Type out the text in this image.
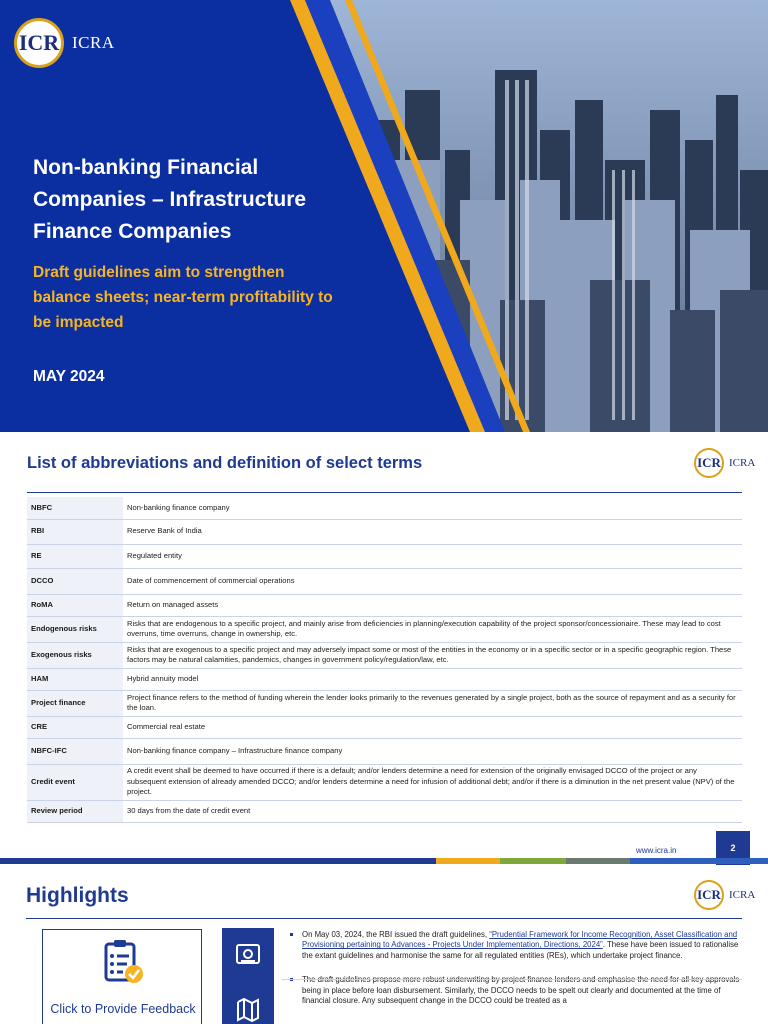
ICR ICRA
Non-banking Financial Companies – Infrastructure Finance Companies
Draft guidelines aim to strengthen balance sheets; near-term profitability to be impacted
MAY 2024
List of abbreviations and definition of select terms	ICR ICRA
NBFC	Non-banking finance company
RBI	Reserve Bank of India
RE	Regulated entity
DCCO	Date of commencement of commercial operations
RoMA	Return on managed assets
Endogenous risks	Risks that are endogenous to a specific project, and mainly arise from deficiencies in planning/execution capability of the project sponsor/concessionaire. These may lead to cost overruns, time overruns, change in ownership, etc.
Exogenous risks	Risks that are exogenous to a specific project and may adversely impact some or most of the entities in the economy or in a specific sector or in a specific geographic region. These factors may be natural calamities, pandemics, changes in government policy/regulation/law, etc.
HAM	Hybrid annuity model
Project finance	Project finance refers to the method of funding wherein the lender looks primarily to the revenues generated by a single project, both as the source of repayment and as a security for the loan.
CRE	Commercial real estate
NBFC-IFC	Non-banking finance company – Infrastructure finance company
Credit event	A credit event shall be deemed to have occurred if there is a default; and/or lenders determine a need for extension of the originally envisaged DCCO of the project or any subsequent extension of already amended DCCO; and/or lenders determine a need for infusion of additional debt; and/or if there is a diminution in the net present value (NPV) of the project.
Review period	30 days from the date of credit event
www.icra.in	2
Highlights	ICR ICRA
Click to Provide Feedback
On May 03, 2024, the RBI issued the draft guidelines, “Prudential Framework for Income Recognition, Asset Classification and Provisioning pertaining to Advances - Projects Under Implementation, Directions, 2024”. These have been issued to rationalise the extant guidelines and harmonise the same for all regulated entities (REs), which undertake project finance.
being in place before loan disbursement. Similarly, the DCCO needs to be spelt out clearly and documented at the time of financial closure. Any subsequent change in the DCCO could be treated as a
